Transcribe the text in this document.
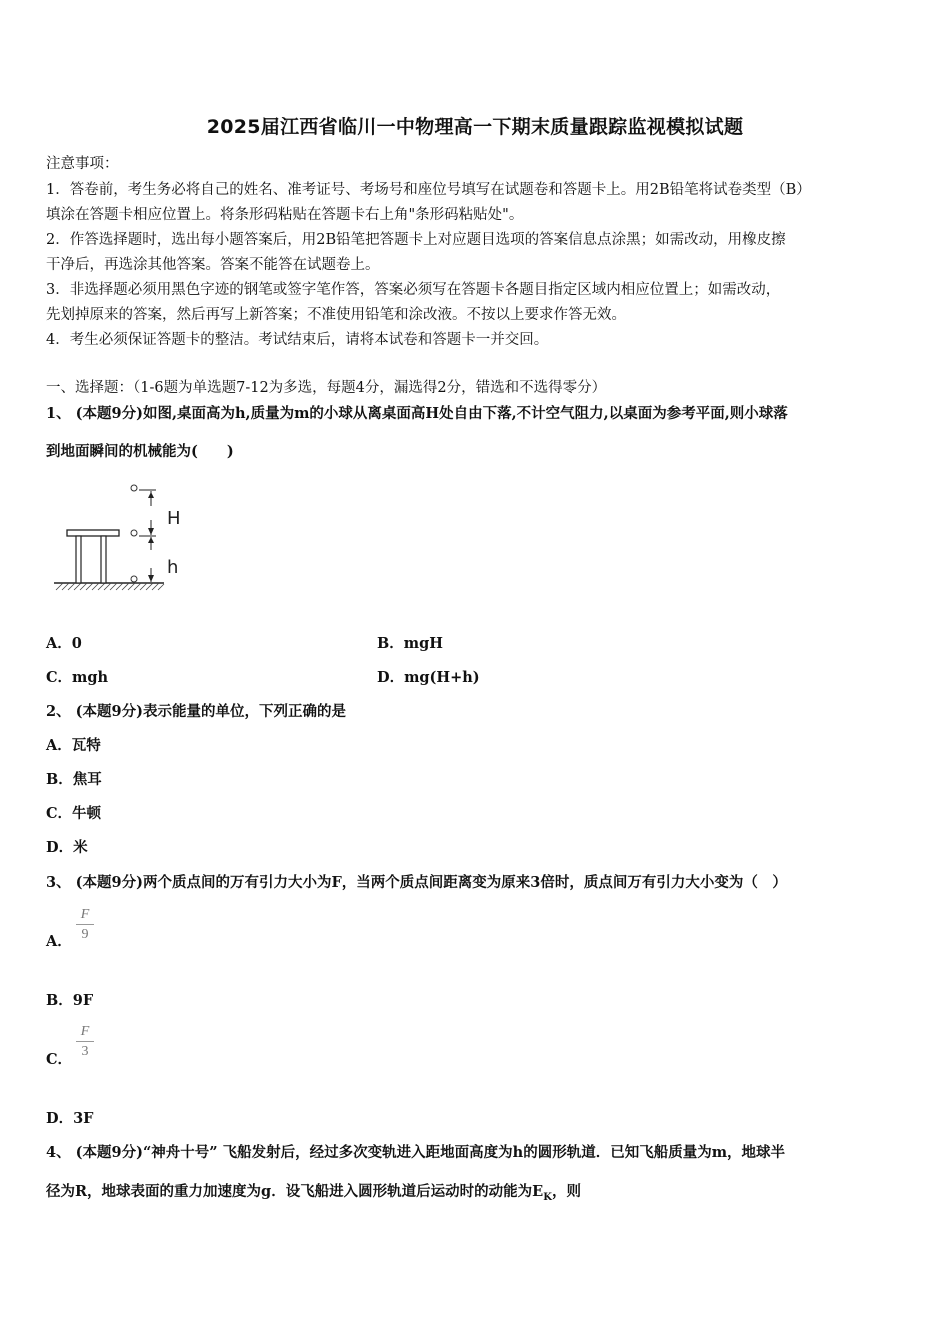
2025届江西省临川一中物理高一下期末质量跟踪监视模拟试题
注意事项：
1．答卷前，考生务必将自己的姓名、准考证号、考场号和座位号填写在试题卷和答题卡上。用2B铅笔将试卷类型（B）
填涂在答题卡相应位置上。将条形码粘贴在答题卡右上角"条形码粘贴处"。
2．作答选择题时，选出每小题答案后，用2B铅笔把答题卡上对应题目选项的答案信息点涂黑；如需改动，用橡皮擦
干净后，再选涂其他答案。答案不能答在试题卷上。
3．非选择题必须用黑色字迹的钢笔或签字笔作答，答案必须写在答题卡各题目指定区域内相应位置上；如需改动，
先划掉原来的答案，然后再写上新答案；不准使用铅笔和涂改液。不按以上要求作答无效。
4．考生必须保证答题卡的整洁。考试结束后，请将本试卷和答题卡一并交回。
一、选择题：（1-6题为单选题7-12为多选，每题4分，漏选得2分，错选和不选得零分）
1、 (本题9分)如图,桌面高为h,质量为m的小球从离桌面高H处自由下落,不计空气阻力,以桌面为参考平面,则小球落
到地面瞬间的机械能为(　　)
H
h
A．0	B．mgH
C．mgh	D．mg(H+h)
2、 (本题9分)表示能量的单位，下列正确的是
A．瓦特
B．焦耳
C．牛顿
D．米
3、 (本题9分)两个质点间的万有引力大小为F，当两个质点间距离变为原来3倍时，质点间万有引力大小变为（　）
A．
F
9
B．9F
C．
F
3
D．3F
4、 (本题9分)“神舟十号” 飞船发射后，经过多次变轨进入距地面高度为h的圆形轨道．已知飞船质量为m，地球半
径为R，地球表面的重力加速度为g．设飞船进入圆形轨道后运动时的动能为$E_K$，则
